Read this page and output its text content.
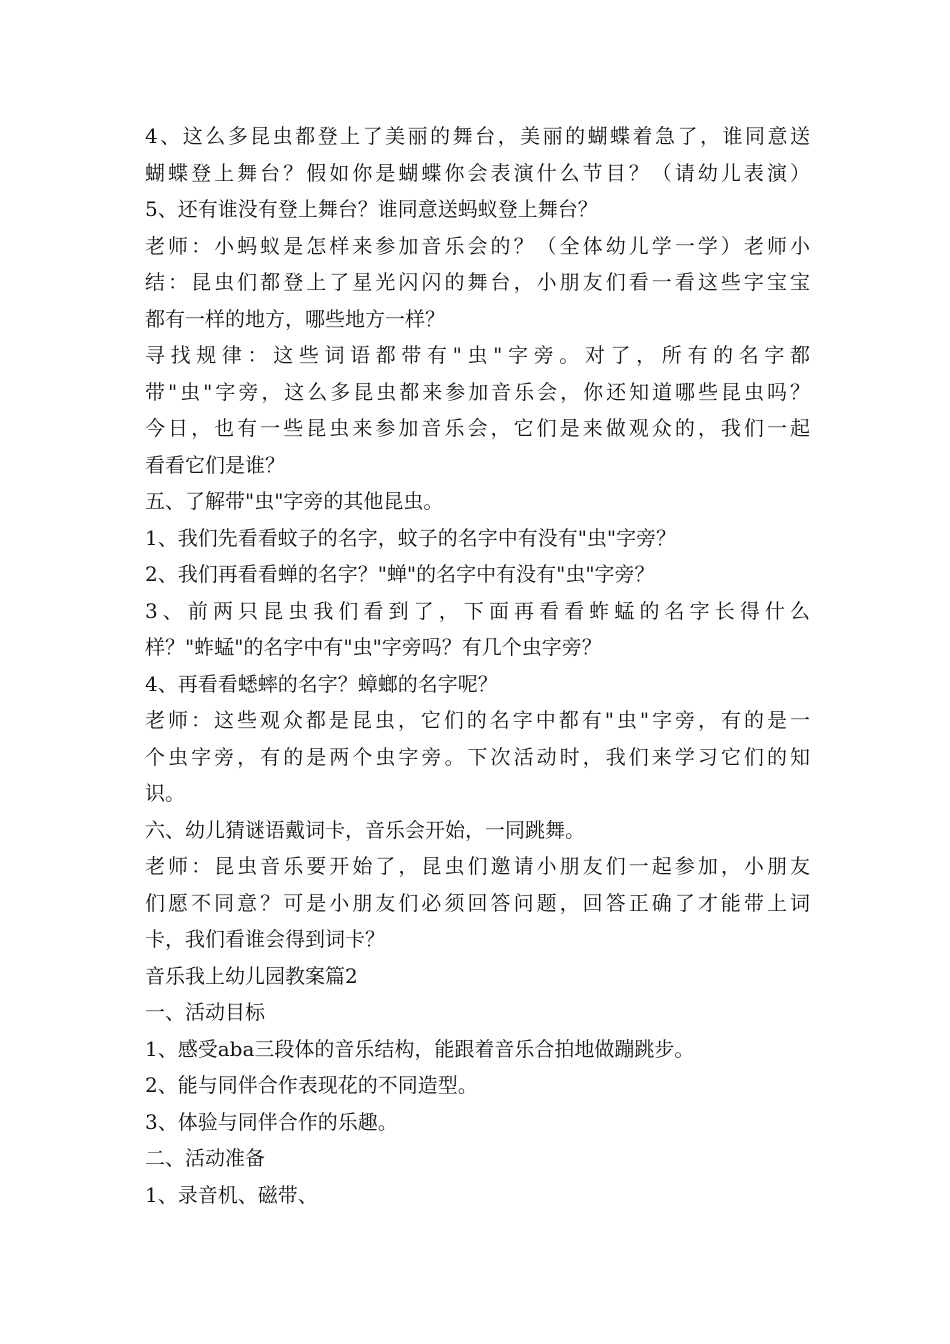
4、这么多昆虫都登上了美丽的舞台，美丽的蝴蝶着急了，谁同意送
蝴蝶登上舞台？假如你是蝴蝶你会表演什么节目？（请幼儿表演）
5、还有谁没有登上舞台？谁同意送蚂蚁登上舞台？
老师：小蚂蚁是怎样来参加音乐会的？（全体幼儿学一学）老师小
结：昆虫们都登上了星光闪闪的舞台，小朋友们看一看这些字宝宝
都有一样的地方，哪些地方一样？
寻找规律：这些词语都带有"虫"字旁。对了，所有的名字都
带"虫"字旁，这么多昆虫都来参加音乐会，你还知道哪些昆虫吗？
今日，也有一些昆虫来参加音乐会，它们是来做观众的，我们一起
看看它们是谁？
五、了解带"虫"字旁的其他昆虫。
1、我们先看看蚊子的名字，蚊子的名字中有没有"虫"字旁？
2、我们再看看蝉的名字？"蝉"的名字中有没有"虫"字旁？
3、前两只昆虫我们看到了，下面再看看蚱蜢的名字长得什么
样？"蚱蜢"的名字中有"虫"字旁吗？有几个虫字旁？
4、再看看蟋蟀的名字？蟑螂的名字呢？
老师：这些观众都是昆虫，它们的名字中都有"虫"字旁，有的是一
个虫字旁，有的是两个虫字旁。下次活动时，我们来学习它们的知
识。
六、幼儿猜谜语戴词卡，音乐会开始，一同跳舞。
老师：昆虫音乐要开始了，昆虫们邀请小朋友们一起参加，小朋友
们愿不同意？可是小朋友们必须回答问题，回答正确了才能带上词
卡，我们看谁会得到词卡？
音乐我上幼儿园教案篇2
一、活动目标
1、感受aba三段体的音乐结构，能跟着音乐合拍地做蹦跳步。
2、能与同伴合作表现花的不同造型。
3、体验与同伴合作的乐趣。
二、活动准备
1、录音机、磁带、
